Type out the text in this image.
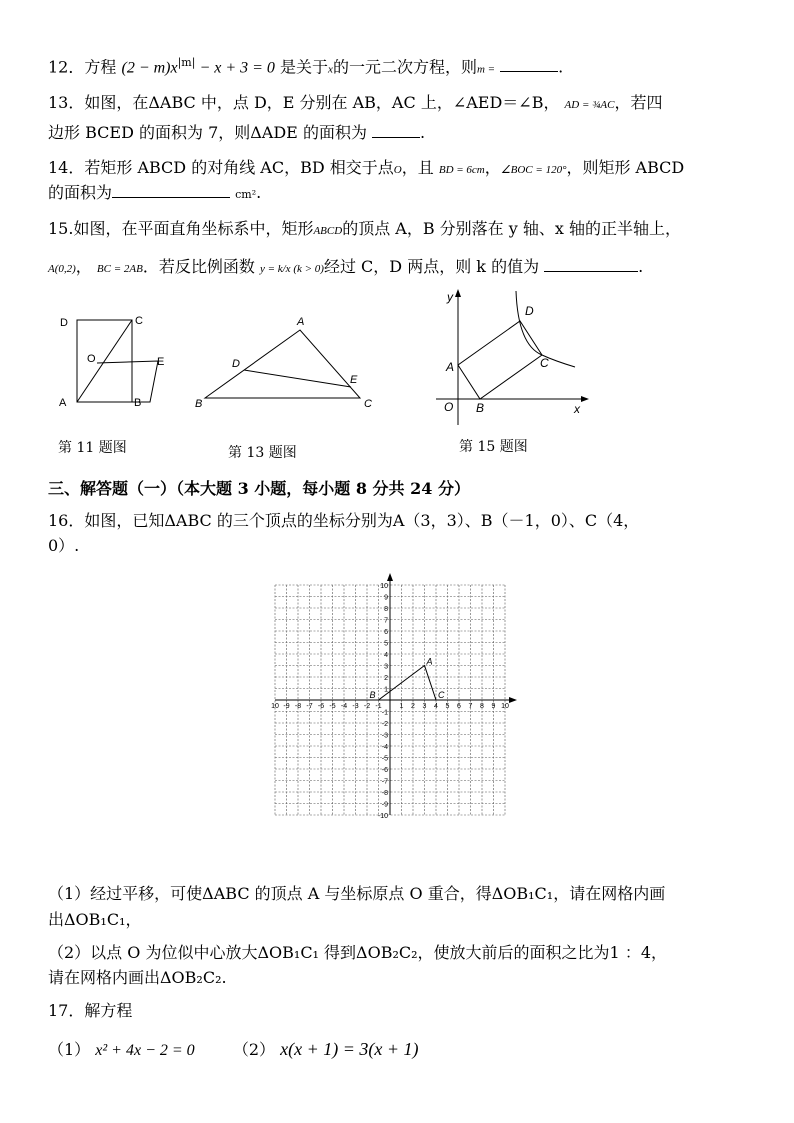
12．方程 $(2 - m)x^{|m|} - x + 3 = 0$ 是关于x的一元二次方程，则m =	.
13．如图，在ΔABC 中，点 D，E 分别在 AB，AC 上，∠AED＝∠B， AD = ¾AC，若四
边形 BCED 的面积为 7，则ΔADE 的面积为	.
14．若矩形 ABCD 的对角线 AC，BD 相交于点O，且 BD = 6cm，∠BOC = 120°，则矩形 ABCD
的面积为	cm².
15.如图，在平面直角坐标系中，矩形ABCD的顶点 A，B 分别落在 y 轴、x 轴的正半轴上，
A(0,2)， BC = 2AB．若反比例函数 y = k/x (k > 0)经过 C，D 两点，则 k 的值为	.
D	C
O	E
A	B
A
D
E
B	C
y
x
D
A	C
O B
第 11 题图	第 13 题图	第 15 题图
三、解答题（一）（本大题 3 小题，每小题 8 分共 24 分）
16．如图，已知ΔABC 的三个顶点的坐标分别为A（3，3）、B（－1，0）、C（4，
0）.
10 -9 -8 -7 -6 -5 -4 -3 -2 -1	1 2 3 4 5 6 7 8 9 10
10
9
8
7
6
5
4
3
2
1
-1
-2
-3
-4
-5
-6
-7
-8
-9
-10
A
B	C
（1）经过平移，可使ΔABC 的顶点 A 与坐标原点 O 重合，得ΔOB₁C₁，请在网格内画
出ΔOB₁C₁，
（2）以点 O 为位似中心放大ΔOB₁C₁ 得到ΔOB₂C₂，使放大前后的面积之比为1 ：4，
请在网格内画出ΔOB₂C₂.
17．解方程
（1） x² + 4x − 2 = 0 （2） x(x + 1) = 3(x + 1)
